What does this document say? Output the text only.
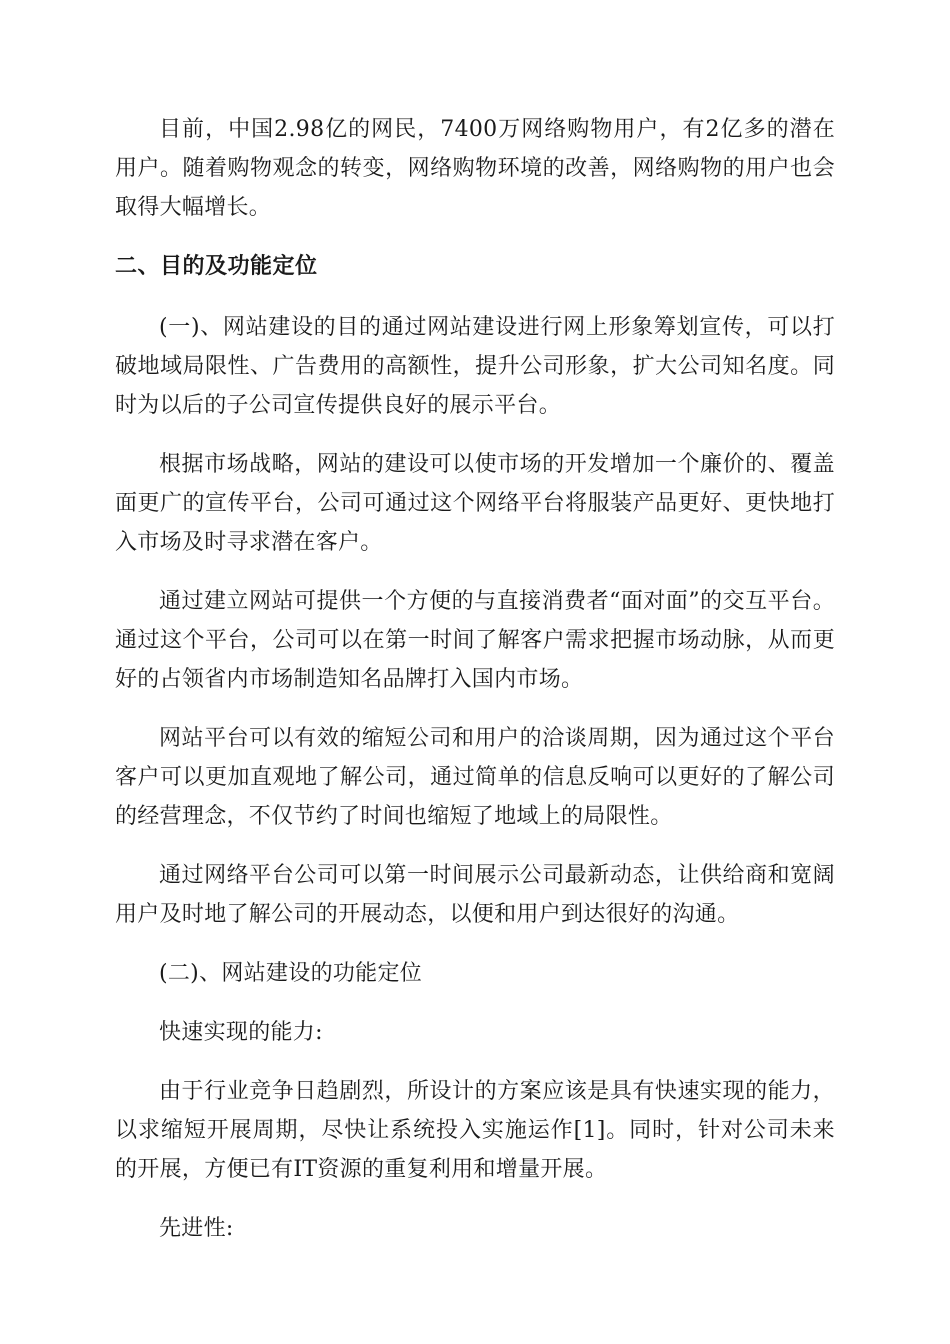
目前，中国2.98亿的网民，7400万网络购物用户，有2亿多的潜在用户。随着购物观念的转变，网络购物环境的改善，网络购物的用户也会取得大幅增长。

二、目的及功能定位

(一)、网站建设的目的通过网站建设进行网上形象筹划宣传，可以打破地域局限性、广告费用的高额性，提升公司形象，扩大公司知名度。同时为以后的子公司宣传提供良好的展示平台。

根据市场战略，网站的建设可以使市场的开发增加一个廉价的、覆盖面更广的宣传平台，公司可通过这个网络平台将服装产品更好、更快地打入市场及时寻求潜在客户。

通过建立网站可提供一个方便的与直接消费者“面对面”的交互平台。通过这个平台，公司可以在第一时间了解客户需求把握市场动脉，从而更好的占领省内市场制造知名品牌打入国内市场。

网站平台可以有效的缩短公司和用户的洽谈周期，因为通过这个平台客户可以更加直观地了解公司，通过简单的信息反响可以更好的了解公司的经营理念，不仅节约了时间也缩短了地域上的局限性。

通过网络平台公司可以第一时间展示公司最新动态，让供给商和宽阔用户及时地了解公司的开展动态，以便和用户到达很好的沟通。

(二)、网站建设的功能定位

快速实现的能力:

由于行业竞争日趋剧烈，所设计的方案应该是具有快速实现的能力，以求缩短开展周期，尽快让系统投入实施运作[1]。同时，针对公司未来的开展，方便已有IT资源的重复利用和增量开展。

先进性:
